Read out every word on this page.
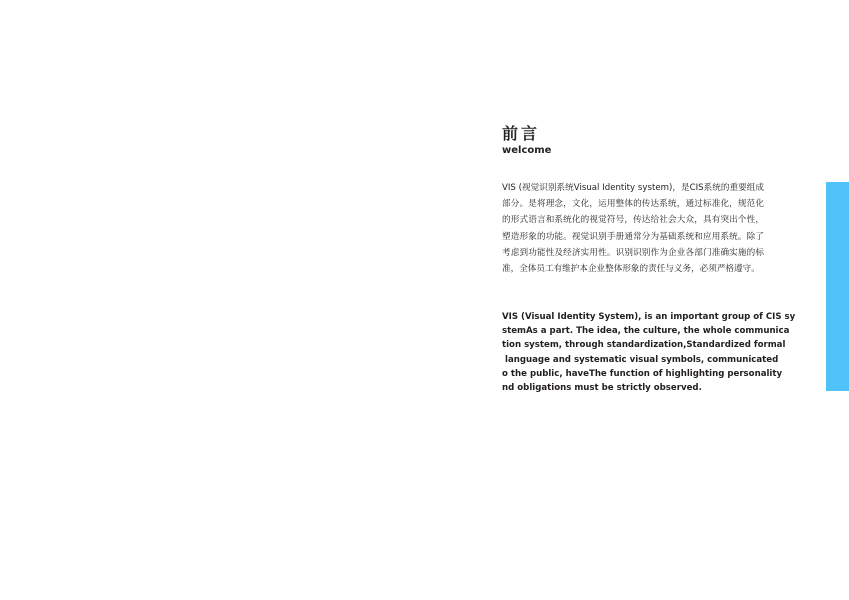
前言
welcome

VIS (视觉识别系统Visual Identity system)，是CIS系统的重要组成部分。是将理念，文化，运用整体的传达系统，通过标准化，规范化的形式语言和系统化的视觉符号，传达给社会大众，具有突出个性，塑造形象的功能。视觉识别手册通常分为基础系统和应用系统。除了考虑到功能性及经济实用性。识别识别作为企业各部门准确实施的标准，全体员工有维护本企业整体形象的责任与义务，必须严格遵守。

VIS (Visual Identity System), is an important group of CIS sy
stemAs a part. The idea, the culture, the whole communica
tion system, through standardization,Standardized formal
language and systematic visual symbols, communicated
o the public, haveThe function of highlighting personality
nd obligations must be strictly observed.
